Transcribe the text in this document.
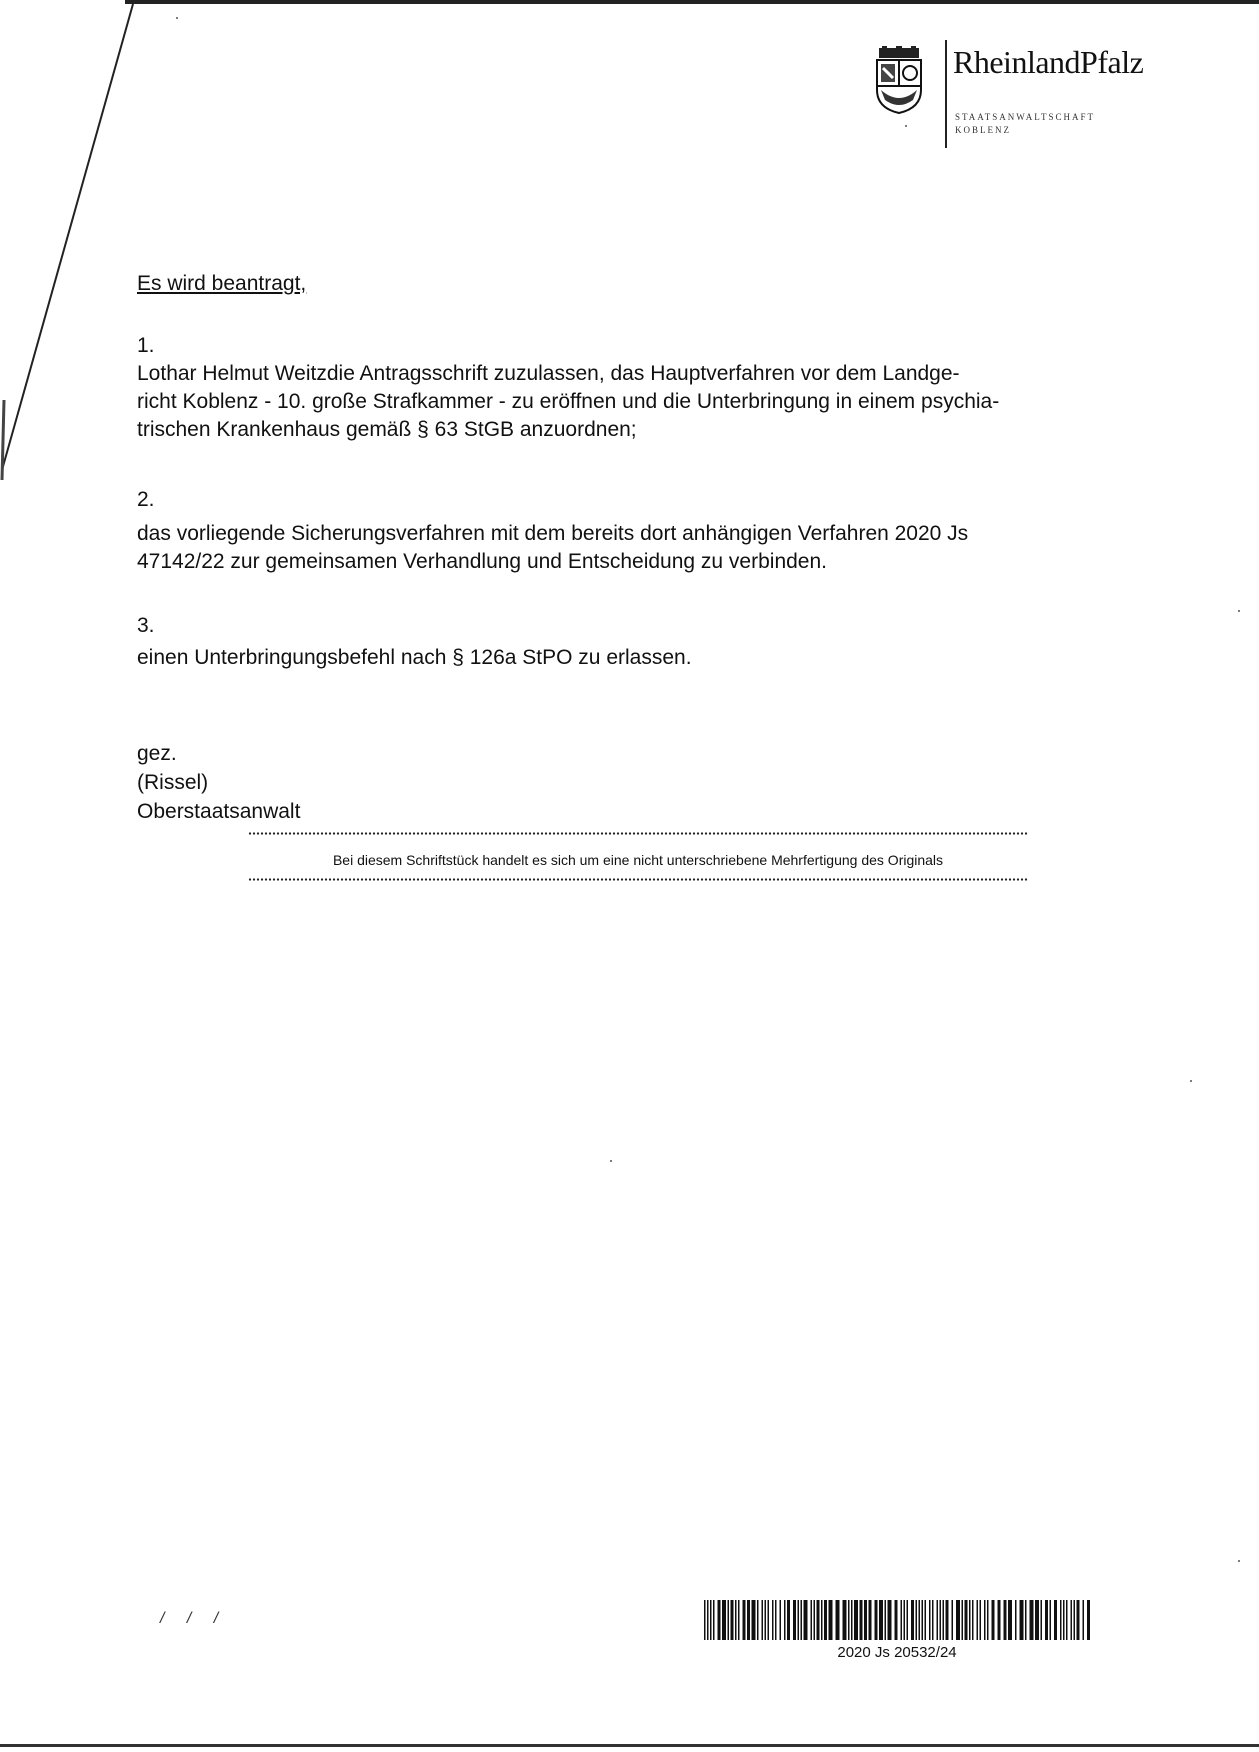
RheinlandPfalz
STAATSANWALTSCHAFT
KOBLENZ
Es wird beantragt,
1.
Lothar Helmut Weitzdie Antragsschrift zuzulassen, das Hauptverfahren vor dem Landge-
richt Koblenz - 10. große Strafkammer - zu eröffnen und die Unterbringung in einem psychia-
trischen Krankenhaus gemäß § 63 StGB anzuordnen;
2.
das vorliegende Sicherungsverfahren mit dem bereits dort anhängigen Verfahren 2020 Js
47142/22 zur gemeinsamen Verhandlung und Entscheidung zu verbinden.
3.
einen Unterbringungsbefehl nach § 126a StPO zu erlassen.
gez.
(Rissel)
Oberstaatsanwalt
Bei diesem Schriftstück handelt es sich um eine nicht unterschriebene Mehrfertigung des Originals
/ / /
2020 Js 20532/24
